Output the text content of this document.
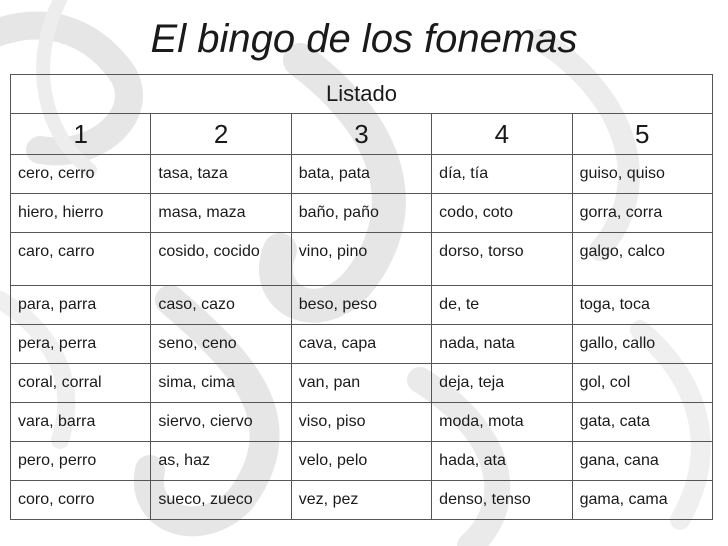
El bingo de los fonemas
Listado				
1	2	3	4	5
cero, cerro	tasa, taza	bata, pata	día, tía	guiso, quiso
hiero, hierro	masa, maza	baño, paño	codo, coto	gorra, corra
caro, carro	cosido, cocido	vino, pino	dorso, torso	galgo, calco
para, parra	caso, cazo	beso, peso	de, te	toga, toca
pera, perra	seno, ceno	cava, capa	nada, nata	gallo, callo
coral, corral	sima, cima	van, pan	deja, teja	gol, col
vara, barra	siervo, ciervo	viso, piso	moda, mota	gata, cata
pero, perro	as, haz	velo, pelo	hada, ata	gana, cana
coro, corro	sueco, zueco	vez, pez	denso, tenso	gama, cama
